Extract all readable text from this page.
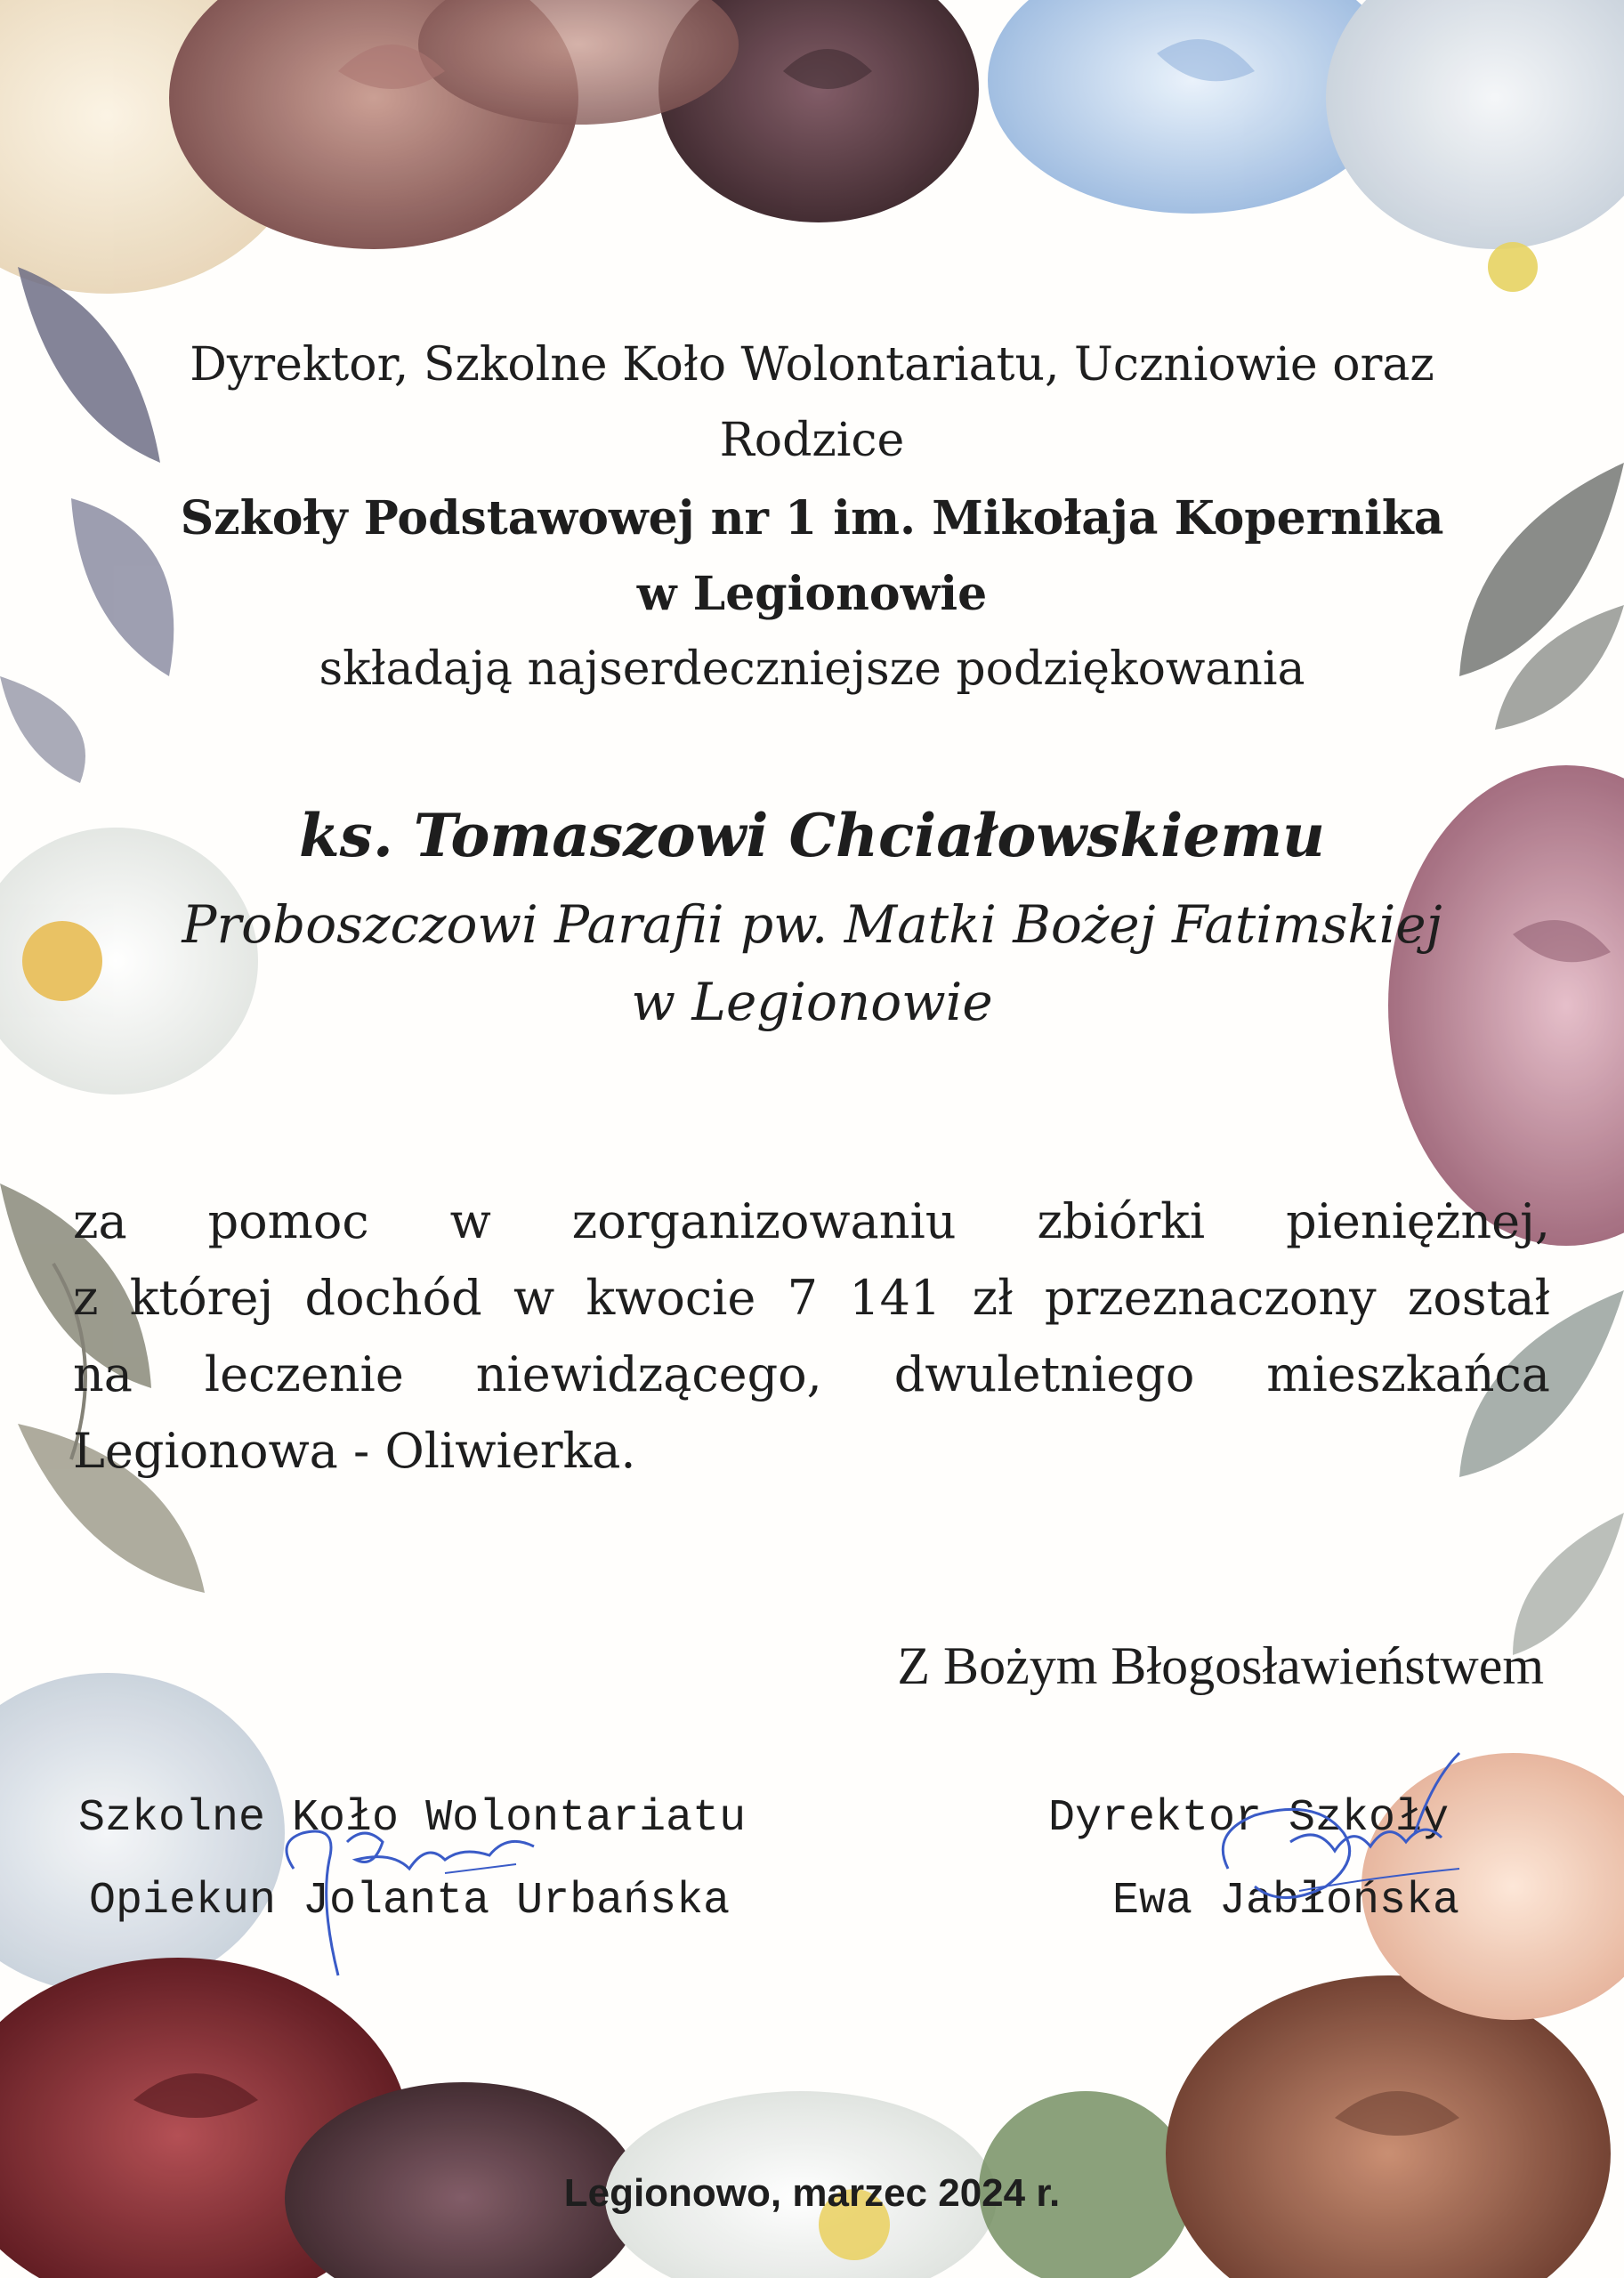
Dyrektor, Szkolne Koło Wolontariatu, Uczniowie oraz
Rodzice
Szkoły Podstawowej nr 1 im. Mikołaja Kopernika
w Legionowie
składają najserdeczniejsze podziękowania
ks. Tomaszowi Chciałowskiemu
Proboszczowi Parafii pw. Matki Bożej Fatimskiej
w Legionowie
za pomoc w zorganizowaniu zbiórki pieniężnej,
z której dochód w kwocie 7 141 zł przeznaczony został
na leczenie niewidzącego, dwuletniego mieszkańca
Legionowa - Oliwierka.
Z Bożym Błogosławieństwem
Szkolne Koło Wolontariatu
Opiekun Jolanta Urbańska
Dyrektor Szkoły
Ewa Jabłońska
Legionowo, marzec 2024 r.
